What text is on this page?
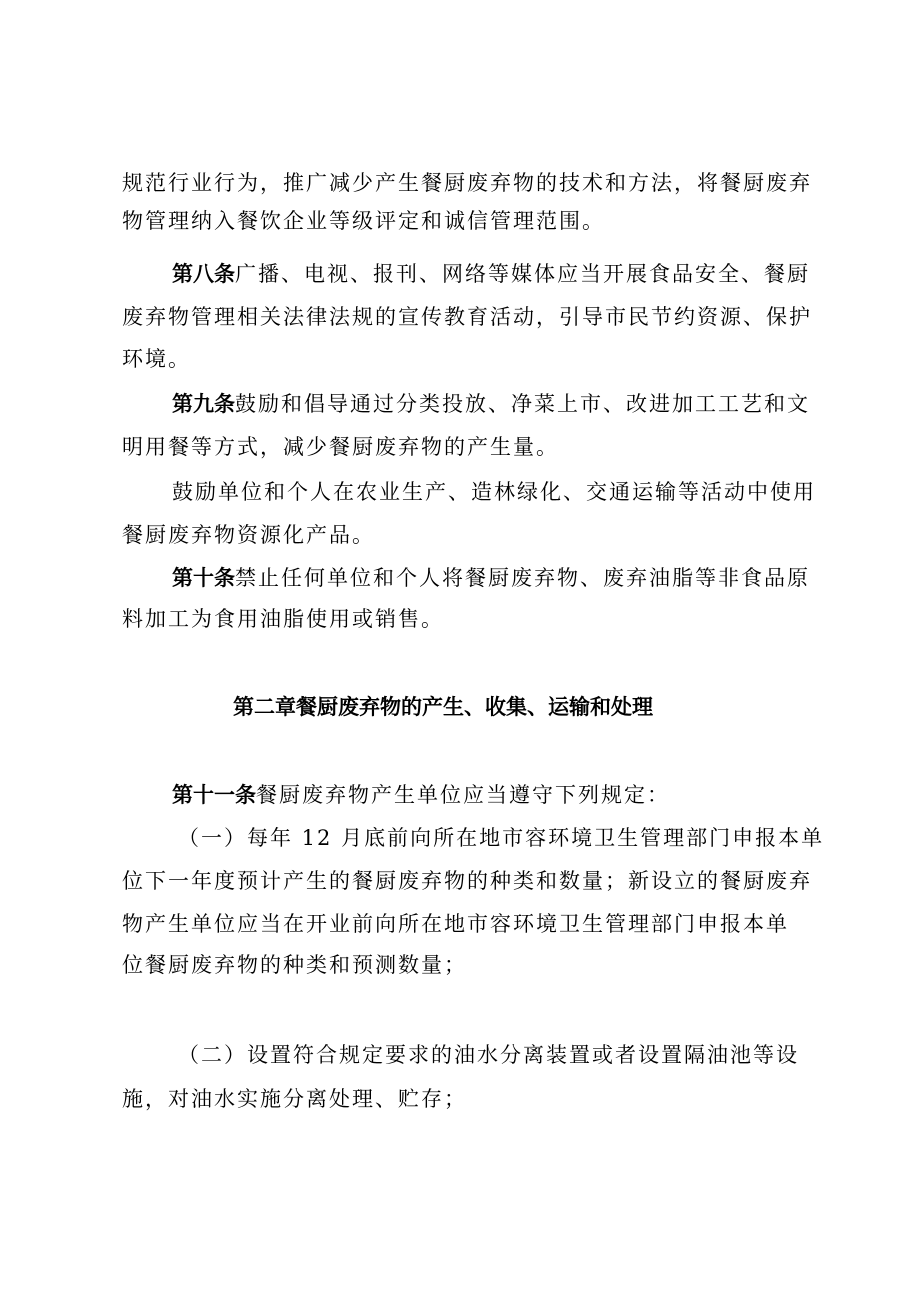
规范行业行为，推广减少产生餐厨废弃物的技术和方法，将餐厨废弃
物管理纳入餐饮企业等级评定和诚信管理范围。
第八条广播、电视、报刊、网络等媒体应当开展食品安全、餐厨
废弃物管理相关法律法规的宣传教育活动，引导市民节约资源、保护
环境。
第九条鼓励和倡导通过分类投放、净菜上市、改进加工工艺和文
明用餐等方式，减少餐厨废弃物的产生量。
鼓励单位和个人在农业生产、造林绿化、交通运输等活动中使用
餐厨废弃物资源化产品。
第十条禁止任何单位和个人将餐厨废弃物、废弃油脂等非食品原
料加工为食用油脂使用或销售。
第二章餐厨废弃物的产生、收集、运输和处理
第十一条餐厨废弃物产生单位应当遵守下列规定：
（一）每年 12 月底前向所在地市容环境卫生管理部门申报本单
位下一年度预计产生的餐厨废弃物的种类和数量；新设立的餐厨废弃
物产生单位应当在开业前向所在地市容环境卫生管理部门申报本单
位餐厨废弃物的种类和预测数量；
（二）设置符合规定要求的油水分离装置或者设置隔油池等设
施，对油水实施分离处理、贮存；
